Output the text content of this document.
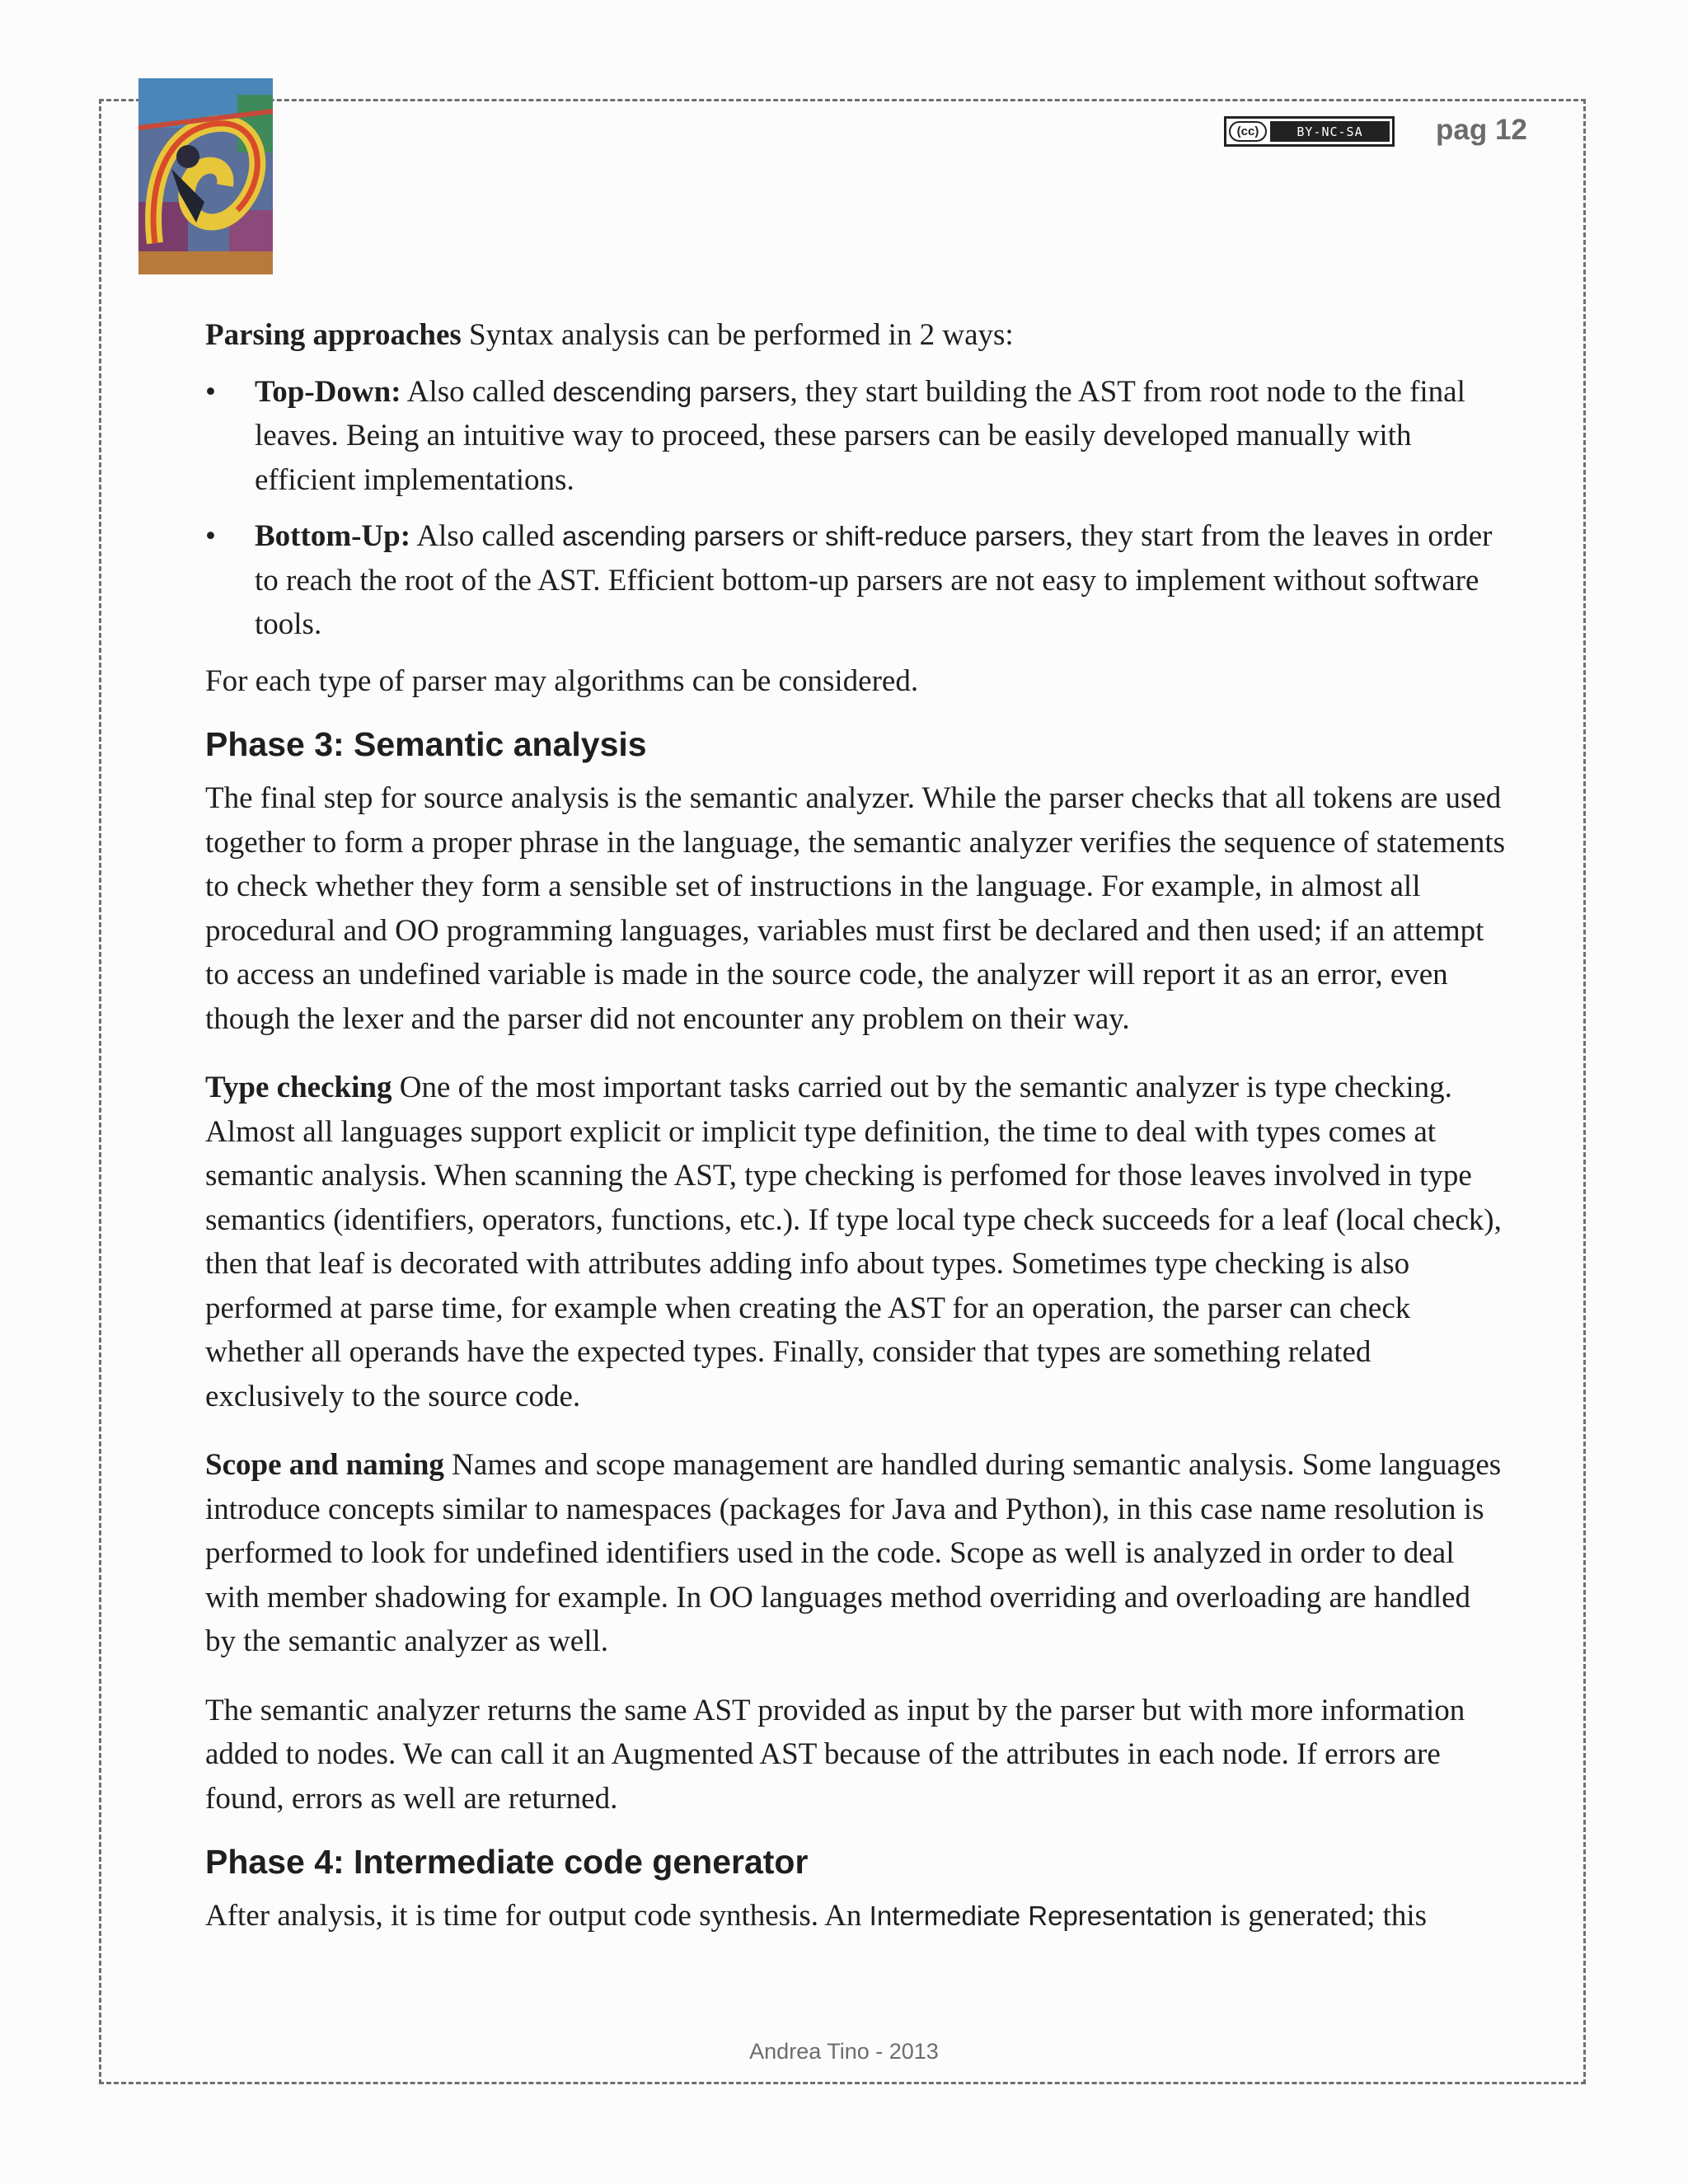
(cc)	BY-NC-SA	pag 12

Parsing approaches Syntax analysis can be performed in 2 ways:

• Top-Down: Also called descending parsers, they start building the AST from root node to the final leaves. Being an intuitive way to proceed, these parsers can be easily developed manually with efficient implementations.
• Bottom-Up: Also called ascending parsers or shift-reduce parsers, they start from the leaves in order to reach the root of the AST. Efficient bottom-up parsers are not easy to implement without software tools.

For each type of parser may algorithms can be considered.

Phase 3: Semantic analysis

The final step for source analysis is the semantic analyzer. While the parser checks that all tokens are used together to form a proper phrase in the language, the semantic analyzer verifies the sequence of statements to check whether they form a sensible set of instructions in the language. For example, in almost all procedural and OO programming languages, variables must first be declared and then used; if an attempt to access an undefined variable is made in the source code, the analyzer will report it as an error, even though the lexer and the parser did not encounter any problem on their way.

Type checking One of the most important tasks carried out by the semantic analyzer is type checking. Almost all languages support explicit or implicit type definition, the time to deal with types comes at semantic analysis. When scanning the AST, type checking is perfomed for those leaves involved in type semantics (identifiers, operators, functions, etc.). If type local type check succeeds for a leaf (local check), then that leaf is decorated with attributes adding info about types. Sometimes type checking is also performed at parse time, for example when creating the AST for an operation, the parser can check whether all operands have the expected types. Finally, consider that types are something related exclusively to the source code.

Scope and naming Names and scope management are handled during semantic analysis. Some languages introduce concepts similar to namespaces (packages for Java and Python), in this case name resolution is performed to look for undefined identifiers used in the code. Scope as well is analyzed in order to deal with member shadowing for example. In OO languages method overriding and overloading are handled by the semantic analyzer as well.

The semantic analyzer returns the same AST provided as input by the parser but with more information added to nodes. We can call it an Augmented AST because of the attributes in each node. If errors are found, errors as well are returned.

Phase 4: Intermediate code generator

After analysis, it is time for output code synthesis. An Intermediate Representation is generated; this

Andrea Tino - 2013
